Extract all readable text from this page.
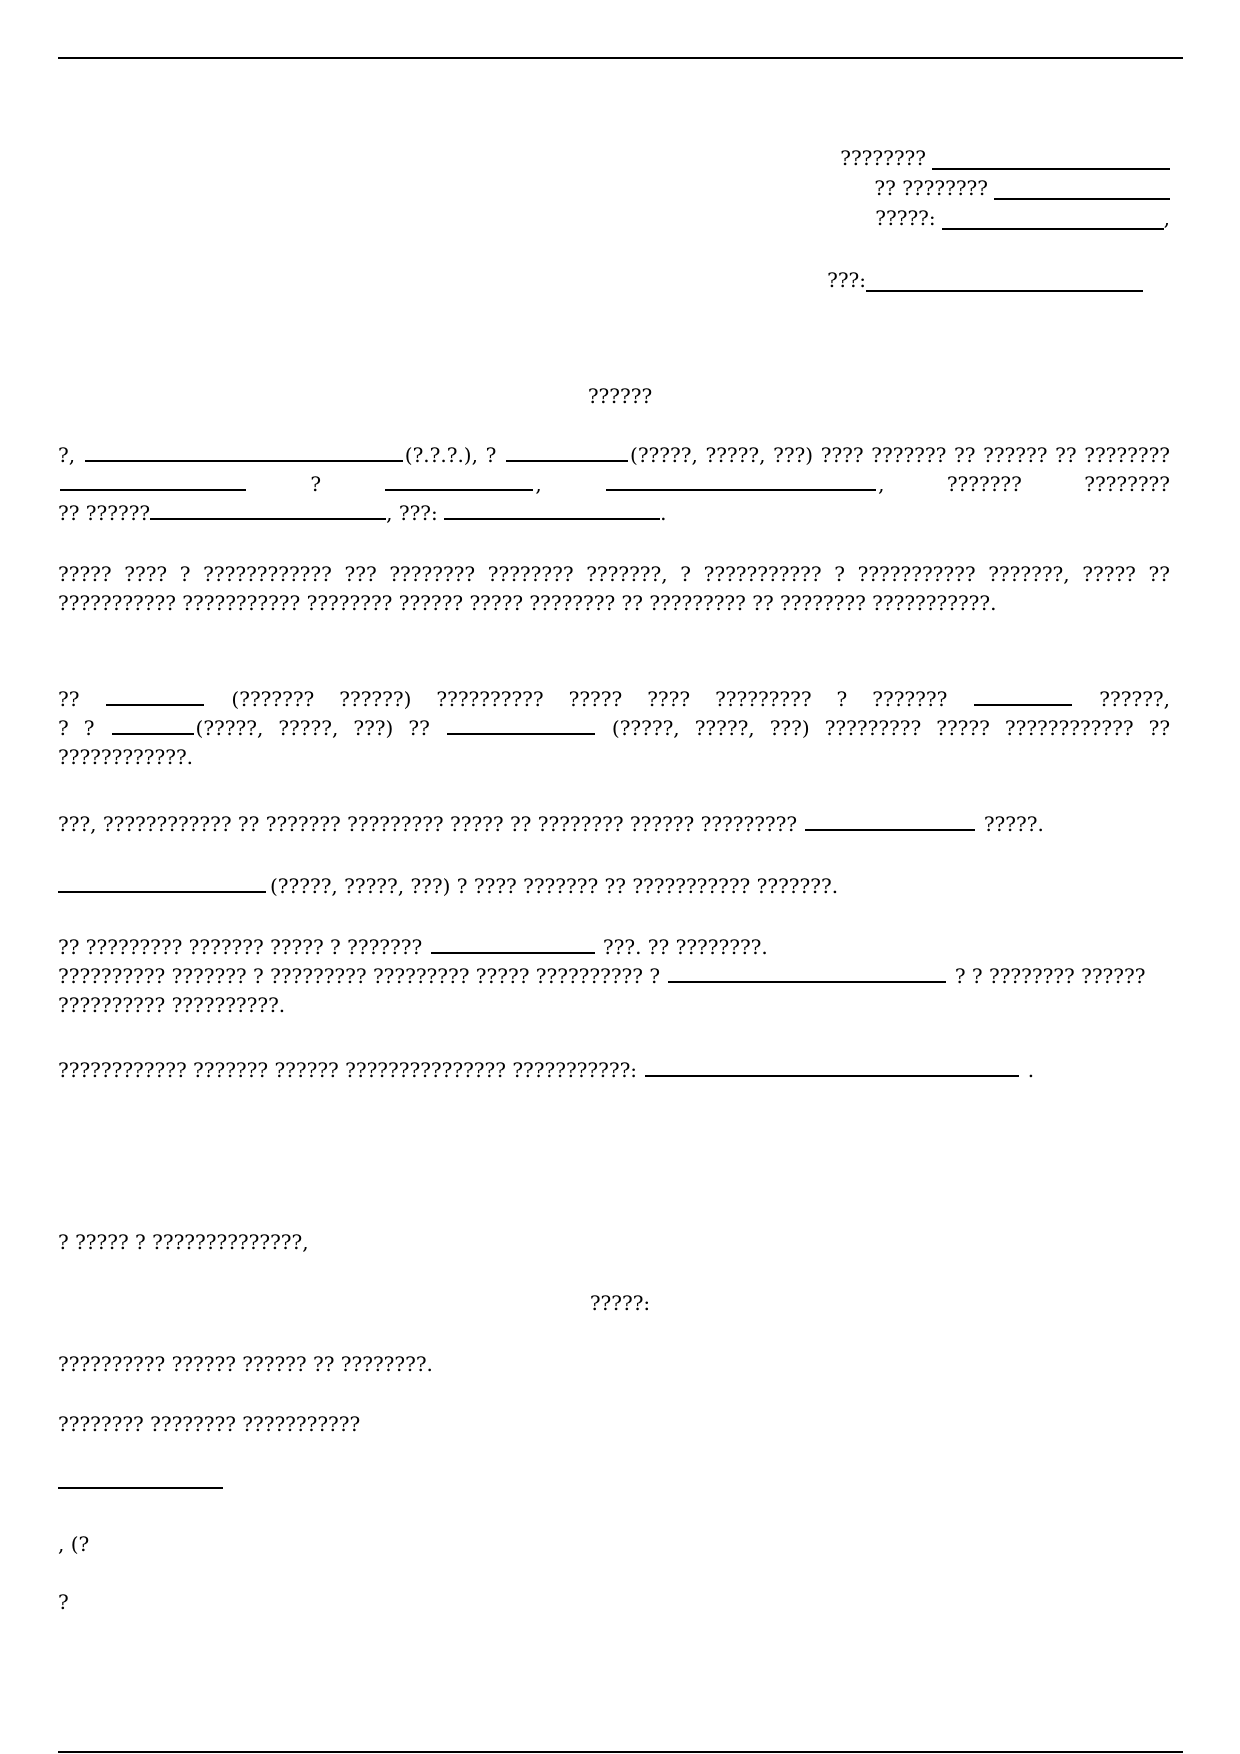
????????
?? ????????
?????:	,
???:
??????
?,	(?.?.?.), ?	(?????, ?????, ???) ???? ??????? ?? ?????? ?? ????????  ?	,	, ??????? ????????
?? ??????	, ???:	.
????? ???? ? ???????????? ??? ???????? ???????? ???????, ? ??????????? ? ??????????? ???????, ????? ?? ??????????? ??????????? ???????? ?????? ????? ???????? ?? ????????? ?? ???????? ???????????.
??	(??????? ??????) ?????????? ????? ???? ????????? ? ???????	??????,
? ?	(?????, ?????, ???) ??	(?????, ?????, ???) ????????? ????? ???????????? ?? ????????????.
???, ???????????? ?? ??????? ????????? ????? ?? ???????? ?????? ?????????	?????.
(?????, ?????, ???) ? ???? ??????? ?? ??????????? ???????.
?? ????????? ??????? ????? ? ???????	???. ?? ????????.
?????????? ??????? ? ????????? ????????? ????? ?????????? ?	? ? ???????? ?????? ?????????? ??????????.
???????????? ??????? ?????? ??????????????? ???????????:	.
? ????? ? ??????????????,
?????:
?????????? ?????? ?????? ?? ????????.
???????? ???????? ???????????
, (?
?
